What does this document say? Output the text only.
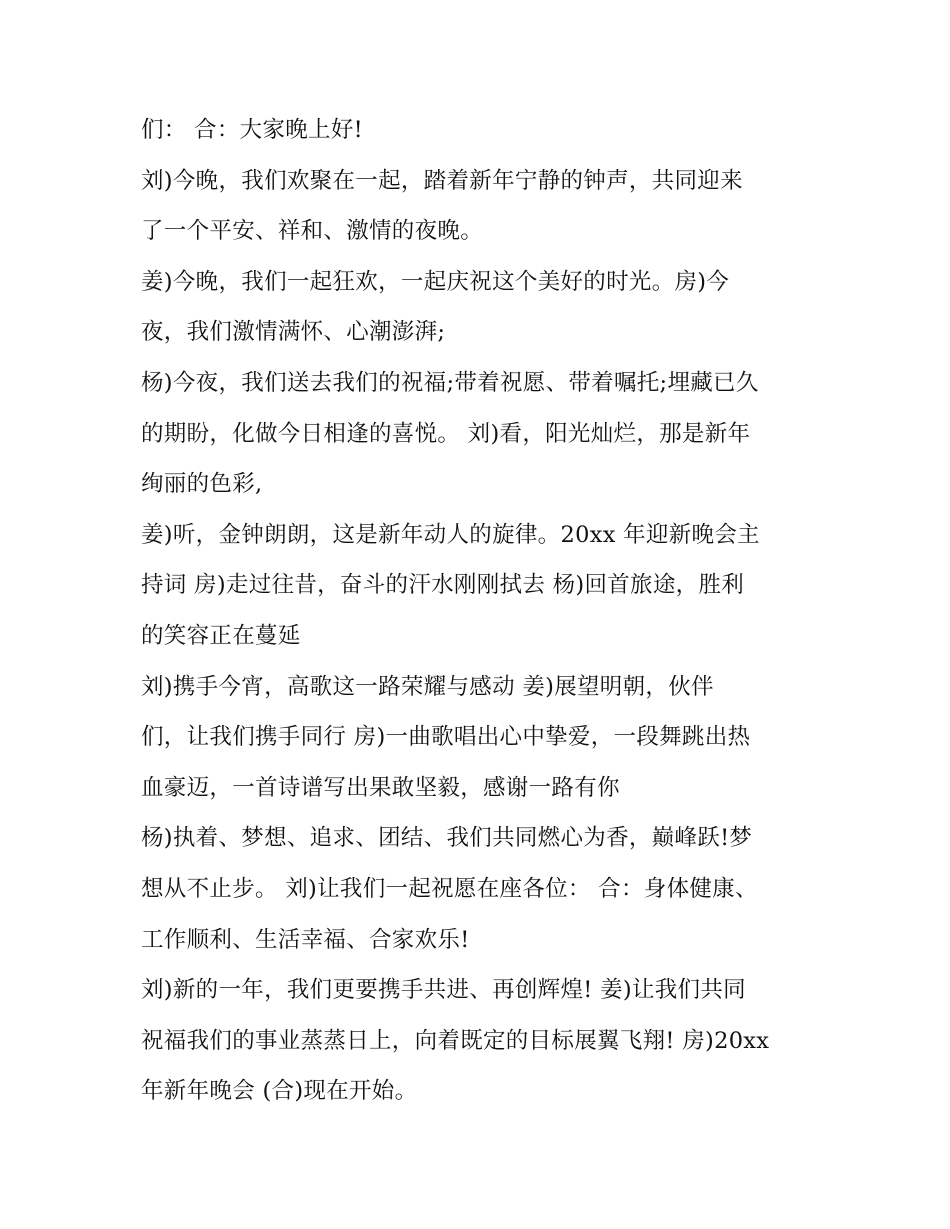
们： 合：大家晚上好!
刘)今晚，我们欢聚在一起，踏着新年宁静的钟声，共同迎来
了一个平安、祥和、激情的夜晚。
姜)今晚，我们一起狂欢，一起庆祝这个美好的时光。房)今
夜，我们激情满怀、心潮澎湃;
杨)今夜，我们送去我们的祝福;带着祝愿、带着嘱托;埋藏已久
的期盼，化做今日相逢的喜悦。 刘)看，阳光灿烂，那是新年
绚丽的色彩,
姜)听，金钟朗朗，这是新年动人的旋律。20xx 年迎新晚会主
持词 房)走过往昔，奋斗的汗水刚刚拭去 杨)回首旅途，胜利
的笑容正在蔓延
刘)携手今宵，高歌这一路荣耀与感动 姜)展望明朝，伙伴
们，让我们携手同行 房)一曲歌唱出心中挚爱，一段舞跳出热
血豪迈，一首诗谱写出果敢坚毅，感谢一路有你
杨)执着、梦想、追求、团结、我们共同燃心为香，巅峰跃!梦
想从不止步。 刘)让我们一起祝愿在座各位： 合：身体健康、
工作顺利、生活幸福、合家欢乐!
刘)新的一年，我们更要携手共进、再创辉煌! 姜)让我们共同
祝福我们的事业蒸蒸日上，向着既定的目标展翼飞翔! 房)20xx
年新年晚会 (合)现在开始。
